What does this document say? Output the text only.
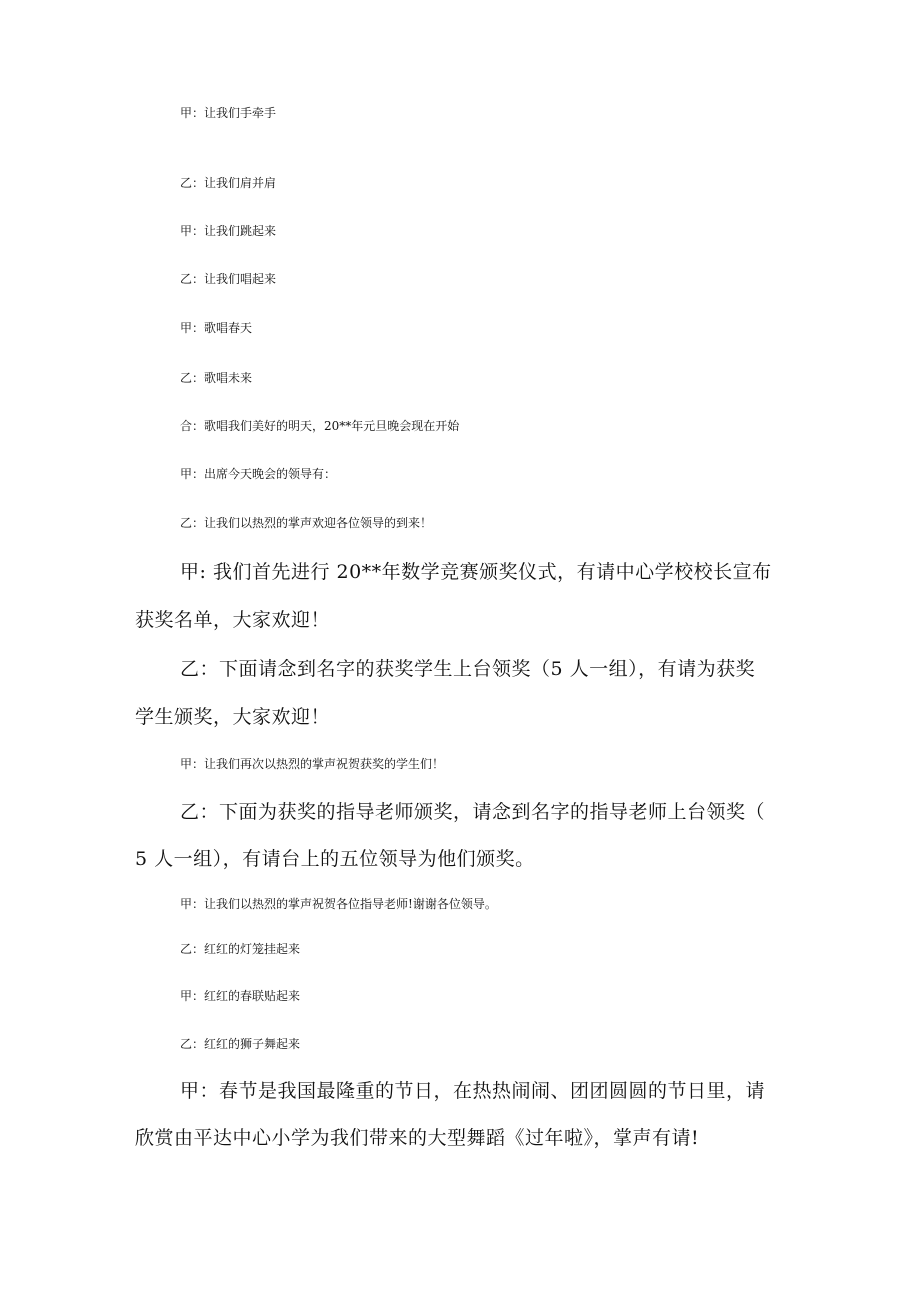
甲：让我们手牵手
乙：让我们肩并肩
甲：让我们跳起来
乙：让我们唱起来
甲：歌唱春天
乙：歌唱未来
合：歌唱我们美好的明天，20**年元旦晚会现在开始
甲：出席今天晚会的领导有：
乙：让我们以热烈的掌声欢迎各位领导的到来！
甲: 我们首先进行 20**年数学竞赛颁奖仪式，有请中心学校校长宣布
获奖名单，大家欢迎！
乙：下面请念到名字的获奖学生上台领奖（5 人一组），有请为获奖
学生颁奖，大家欢迎！
甲：让我们再次以热烈的掌声祝贺获奖的学生们！
乙：下面为获奖的指导老师颁奖，请念到名字的指导老师上台领奖（
5 人一组），有请台上的五位领导为他们颁奖。
甲：让我们以热烈的掌声祝贺各位指导老师!谢谢各位领导。
乙：红红的灯笼挂起来
甲：红红的春联贴起来
乙：红红的狮子舞起来
甲：春节是我国最隆重的节日，在热热闹闹、团团圆圆的节日里，请
欣赏由平达中心小学为我们带来的大型舞蹈《过年啦》，掌声有请!
